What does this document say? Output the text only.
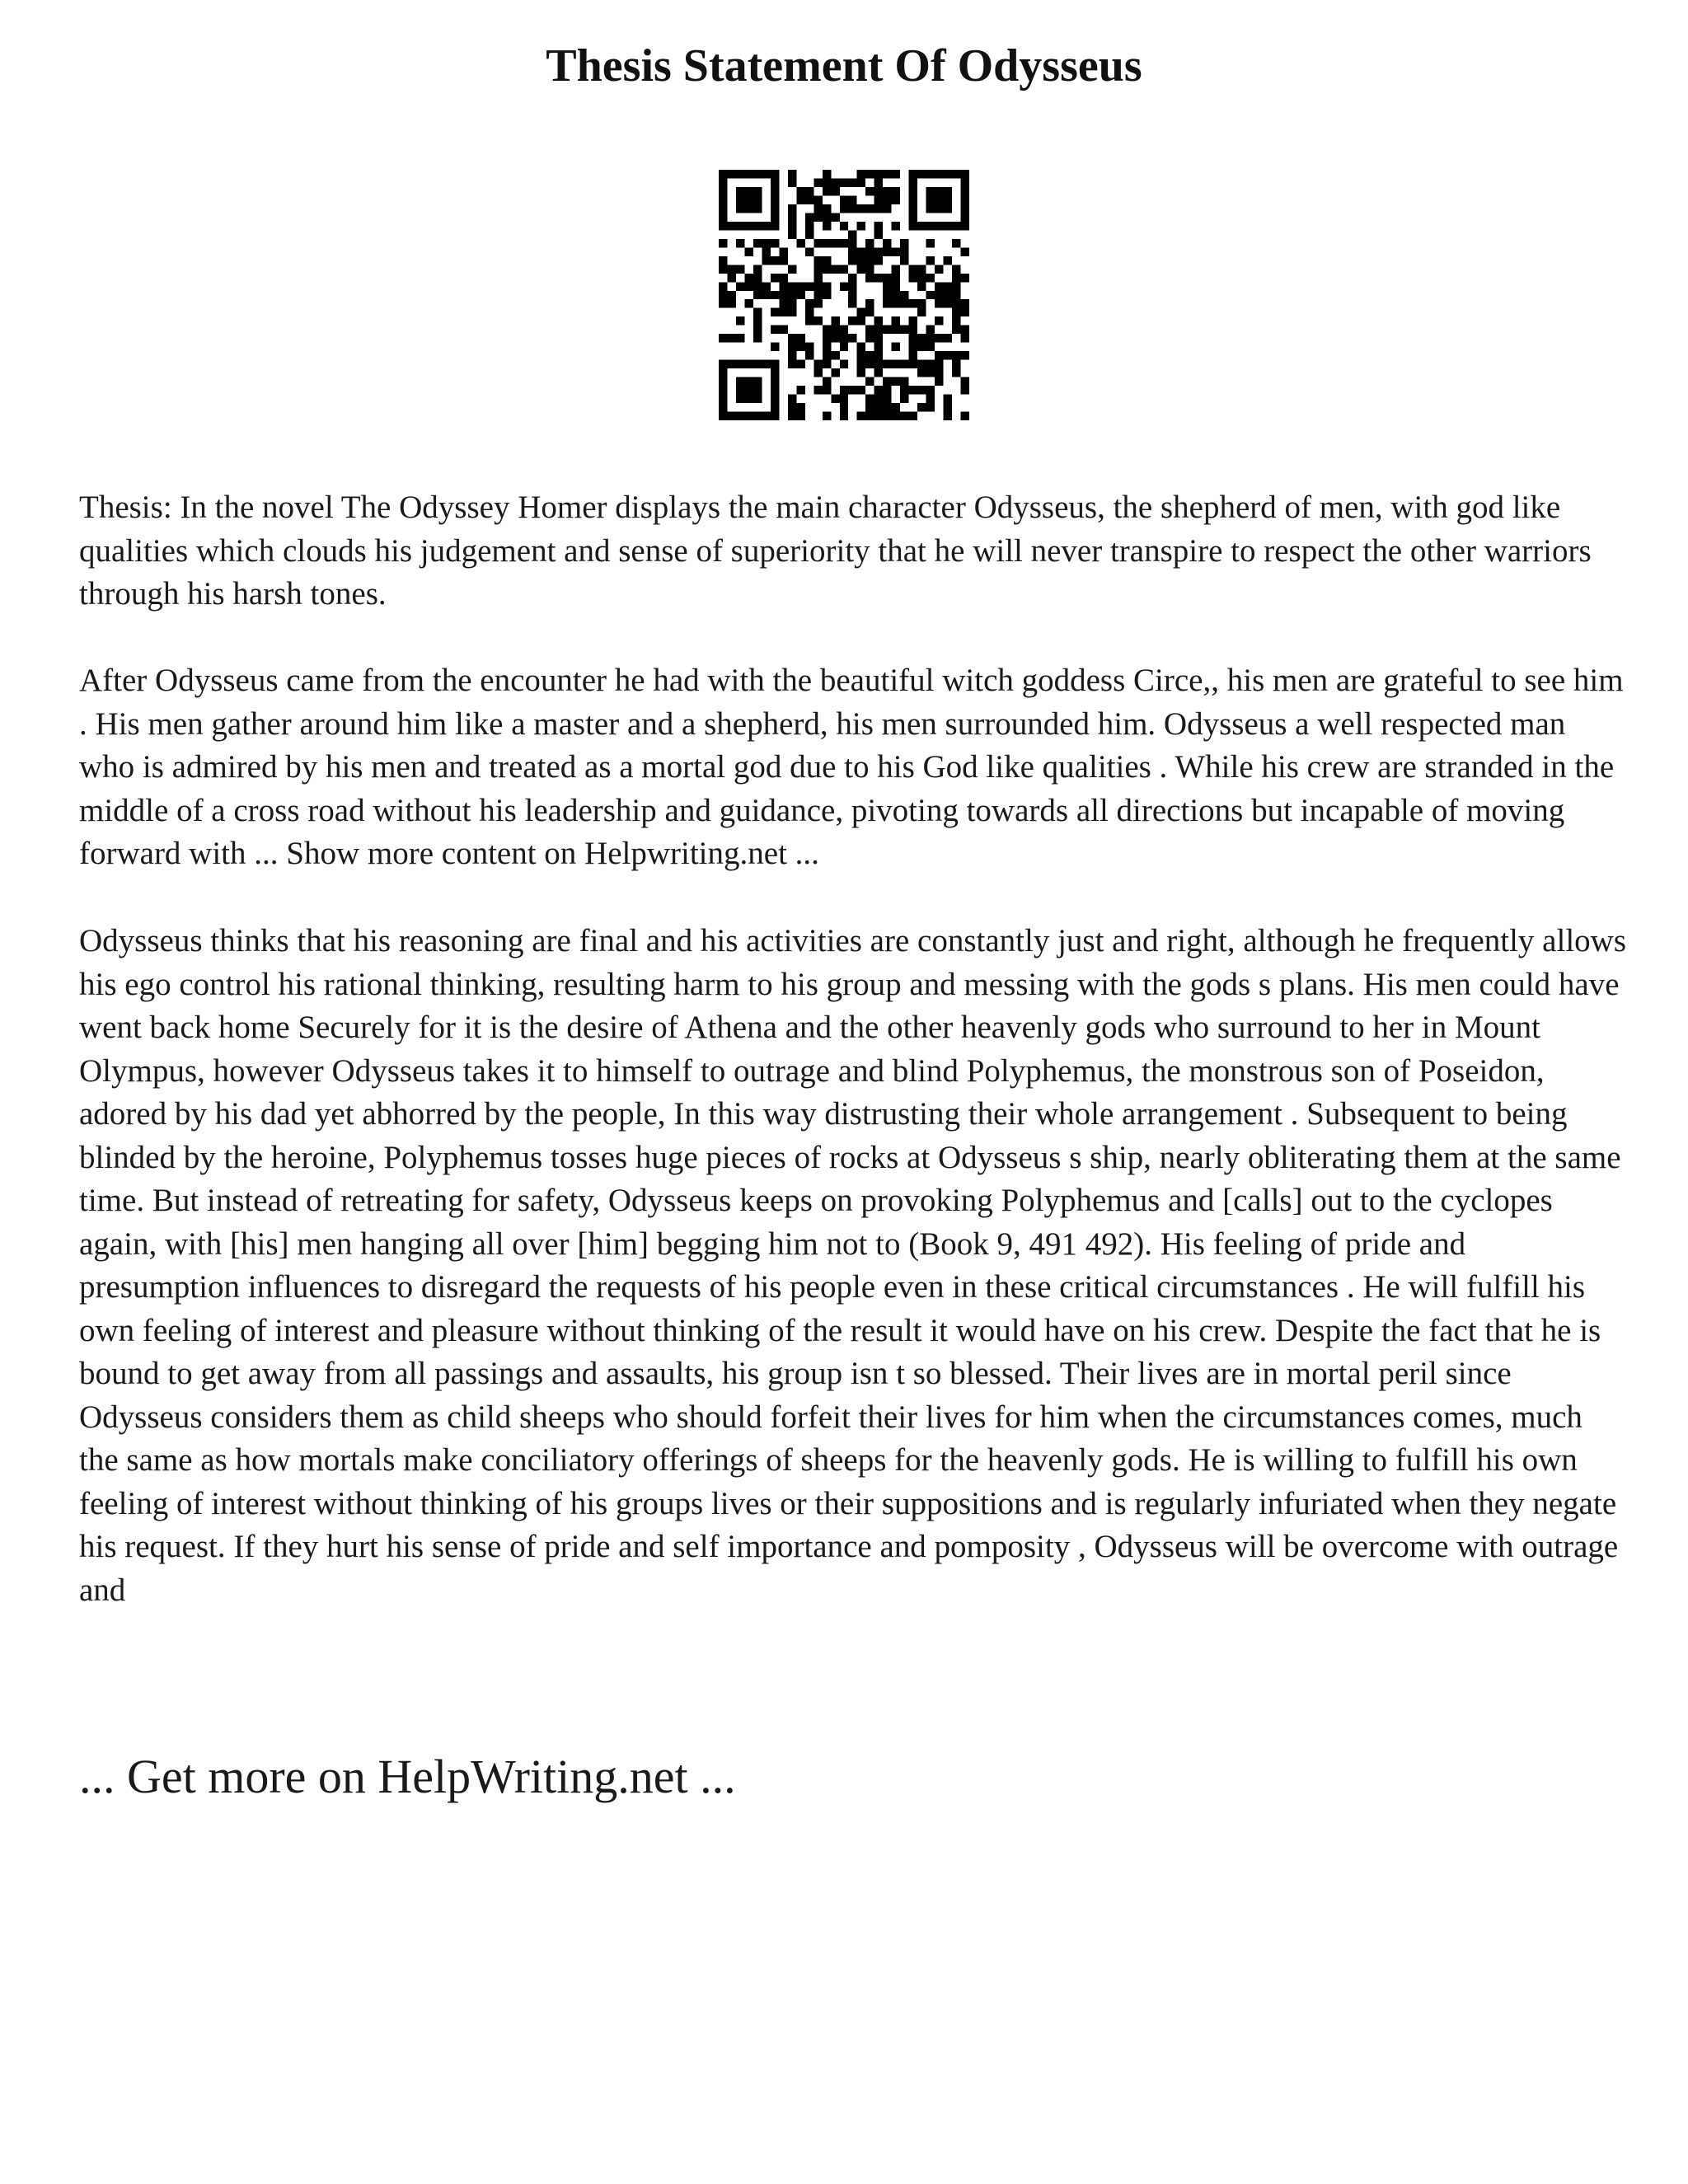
Thesis Statement Of Odysseus

Thesis: In the novel The Odyssey Homer displays the main character Odysseus, the shepherd of men, with god like qualities which clouds his judgement and sense of superiority that he will never transpire to respect the other warriors through his harsh tones.

After Odysseus came from the encounter he had with the beautiful witch goddess Circe,, his men are grateful to see him . His men gather around him like a master and a shepherd, his men surrounded him. Odysseus a well respected man who is admired by his men and treated as a mortal god due to his God like qualities . While his crew are stranded in the middle of a cross road without his leadership and guidance, pivoting towards all directions but incapable of moving forward with ... Show more content on Helpwriting.net ...

Odysseus thinks that his reasoning are final and his activities are constantly just and right, although he frequently allows his ego control his rational thinking, resulting harm to his group and messing with the gods s plans. His men could have went back home Securely for it is the desire of Athena and the other heavenly gods who surround to her in Mount Olympus, however Odysseus takes it to himself to outrage and blind Polyphemus, the monstrous son of Poseidon, adored by his dad yet abhorred by the people, In this way distrusting their whole arrangement . Subsequent to being blinded by the heroine, Polyphemus tosses huge pieces of rocks at Odysseus s ship, nearly obliterating them at the same time. But instead of retreating for safety, Odysseus keeps on provoking Polyphemus and [calls] out to the cyclopes again, with [his] men hanging all over [him] begging him not to (Book 9, 491 492). His feeling of pride and presumption influences to disregard the requests of his people even in these critical circumstances . He will fulfill his own feeling of interest and pleasure without thinking of the result it would have on his crew. Despite the fact that he is bound to get away from all passings and assaults, his group isn t so blessed. Their lives are in mortal peril since Odysseus considers them as child sheeps who should forfeit their lives for him when the circumstances comes, much the same as how mortals make conciliatory offerings of sheeps for the heavenly gods. He is willing to fulfill his own feeling of interest without thinking of his groups lives or their suppositions and is regularly infuriated when they negate his request. If they hurt his sense of pride and self importance and pomposity , Odysseus will be overcome with outrage and

... Get more on HelpWriting.net ...
